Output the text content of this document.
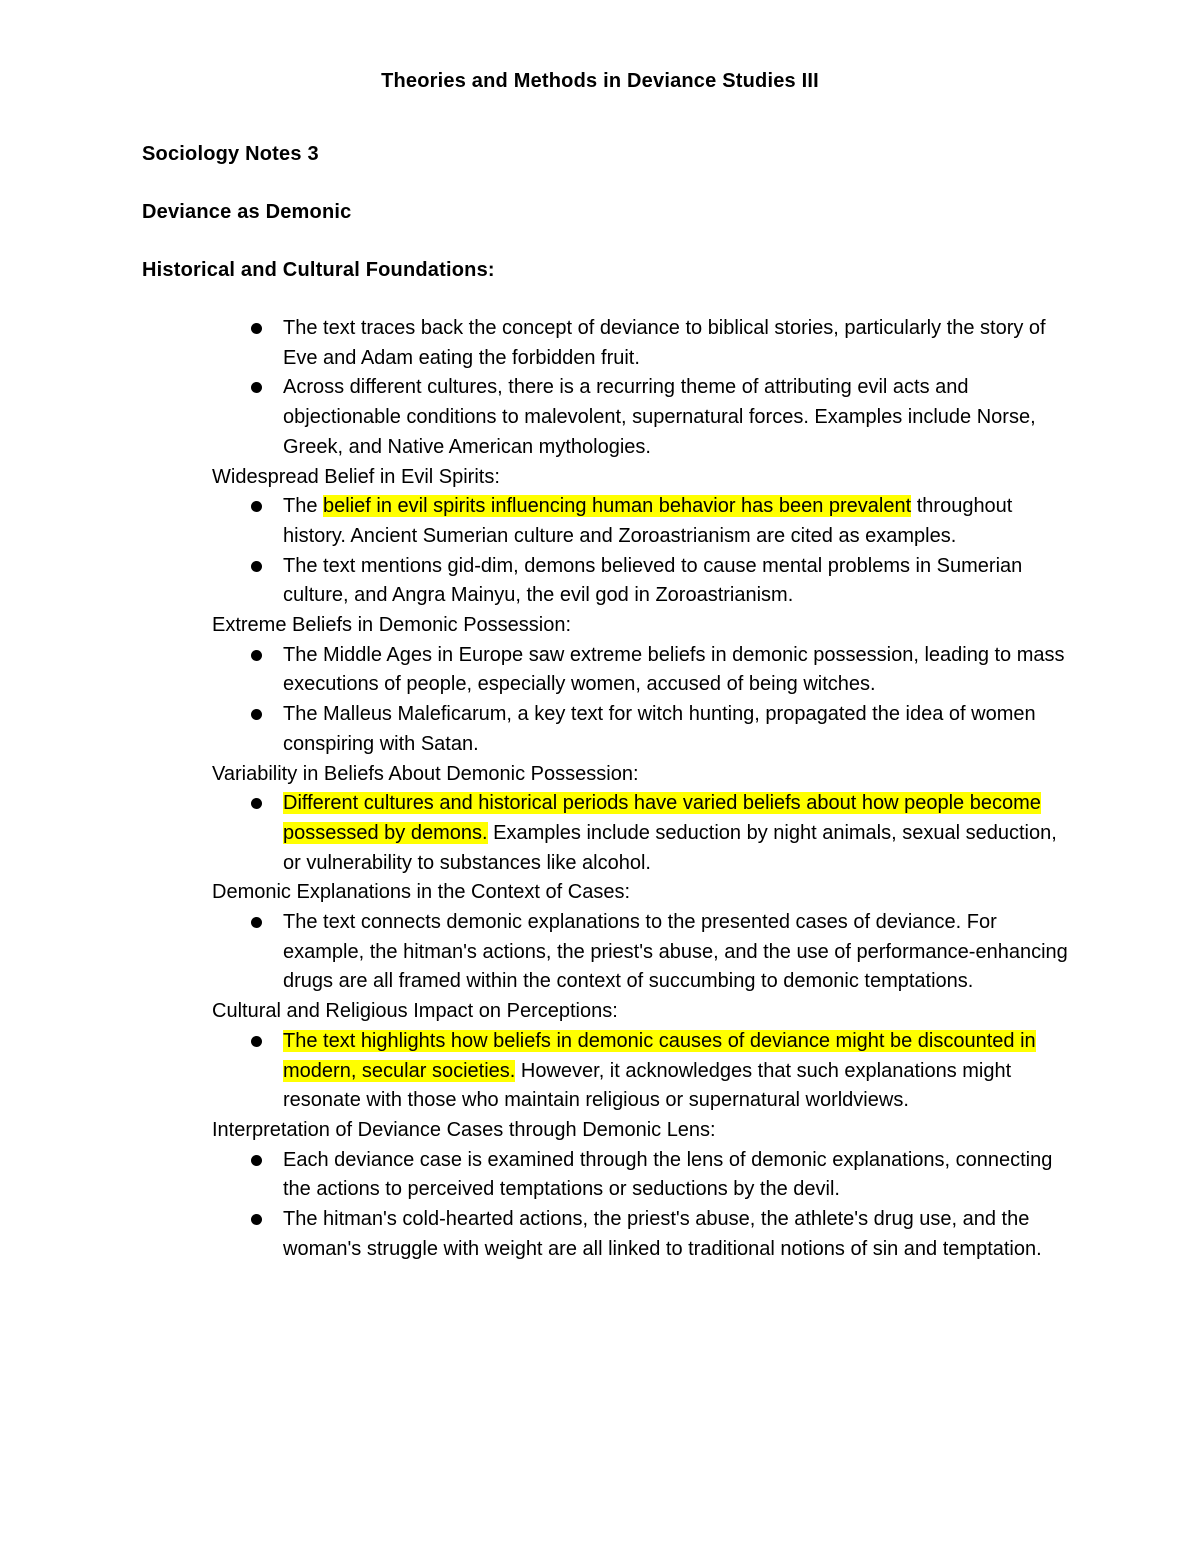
Theories and Methods in Deviance Studies III
Sociology Notes 3
Deviance as Demonic
Historical and Cultural Foundations:
The text traces back the concept of deviance to biblical stories, particularly the story of Eve and Adam eating the forbidden fruit.
Across different cultures, there is a recurring theme of attributing evil acts and objectionable conditions to malevolent, supernatural forces. Examples include Norse, Greek, and Native American mythologies.
Widespread Belief in Evil Spirits:
The belief in evil spirits influencing human behavior has been prevalent throughout history. Ancient Sumerian culture and Zoroastrianism are cited as examples.
The text mentions gid-dim, demons believed to cause mental problems in Sumerian culture, and Angra Mainyu, the evil god in Zoroastrianism.
Extreme Beliefs in Demonic Possession:
The Middle Ages in Europe saw extreme beliefs in demonic possession, leading to mass executions of people, especially women, accused of being witches.
The Malleus Maleficarum, a key text for witch hunting, propagated the idea of women conspiring with Satan.
Variability in Beliefs About Demonic Possession:
Different cultures and historical periods have varied beliefs about how people become possessed by demons. Examples include seduction by night animals, sexual seduction, or vulnerability to substances like alcohol.
Demonic Explanations in the Context of Cases:
The text connects demonic explanations to the presented cases of deviance. For example, the hitman's actions, the priest's abuse, and the use of performance-enhancing drugs are all framed within the context of succumbing to demonic temptations.
Cultural and Religious Impact on Perceptions:
The text highlights how beliefs in demonic causes of deviance might be discounted in modern, secular societies. However, it acknowledges that such explanations might resonate with those who maintain religious or supernatural worldviews.
Interpretation of Deviance Cases through Demonic Lens:
Each deviance case is examined through the lens of demonic explanations, connecting the actions to perceived temptations or seductions by the devil.
The hitman's cold-hearted actions, the priest's abuse, the athlete's drug use, and the woman's struggle with weight are all linked to traditional notions of sin and temptation.
